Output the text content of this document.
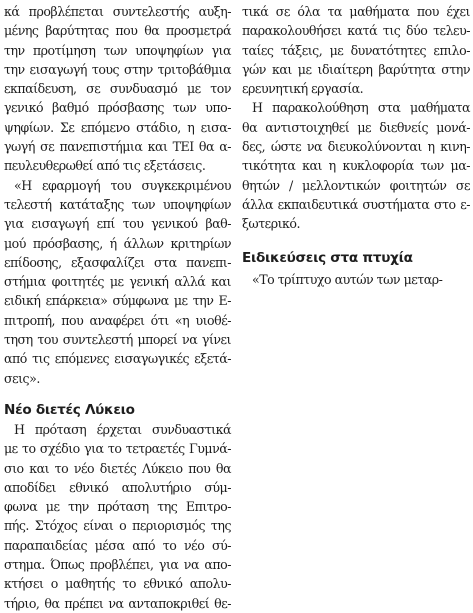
κά προβλέπεται συντελεστής αυξη-
μένης βαρύτητας που θα προσμετρά
την προτίμηση των υποψηφίων για
την εισαγωγή τους στην τριτοβάθμια
εκπαίδευση, σε συνδυασμό με τον
γενικό βαθμό πρόσβασης των υπο-
ψηφίων. Σε επόμενο στάδιο, η εισα-
γωγή σε πανεπιστήμια και ΤΕΙ θα α-
πευλευθερωθεί από τις εξετάσεις.
«Η εφαρμογή του συγκεκριμένου
τελεστή κατάταξης των υποψηφίων
για εισαγωγή επί του γενικού βαθ-
μού πρόσβασης, ή άλλων κριτηρίων
επίδοσης, εξασφαλίζει στα πανεπι-
στήμια φοιτητές με γενική αλλά και
ειδική επάρκεια» σύμφωνα με την Ε-
πιτροπή, που αναφέρει ότι «η υιοθέ-
τηση του συντελεστή μπορεί να γίνει
από τις επόμενες εισαγωγικές εξετά-
σεις».
Νέο διετές Λύκειο
Η πρόταση έρχεται συνδυαστικά
με το σχέδιο για το τετραετές Γυμνά-
σιο και το νέο διετές Λύκειο που θα
αποδίδει εθνικό απολυτήριο σύμ-
φωνα με την πρόταση της Επιτρο-
πής. Στόχος είναι ο περιορισμός της
παραπαιδείας μέσα από το νέο σύ-
στημα. Όπως προβλέπει, για να απο-
κτήσει ο μαθητής το εθνικό απολυ-
τήριο, θα πρέπει να ανταποκριθεί θε-
τικά σε όλα τα μαθήματα που έχει
παρακολουθήσει κατά τις δύο τελευ-
ταίες τάξεις, με δυνατότητες επιλο-
γών και με ιδιαίτερη βαρύτητα στην
ερευνητική εργασία.
Η παρακολούθηση στα μαθήματα
θα αντιστοιχηθεί με διεθνείς μονά-
δες, ώστε να διευκολύνονται η κινη-
τικότητα και η κυκλοφορία των μα-
θητών / μελλοντικών φοιτητών σε
άλλα εκπαιδευτικά συστήματα στο ε-
ξωτερικό.
Ειδικεύσεις στα πτυχία
«Το τρίπτυχο αυτών των μεταρ-
